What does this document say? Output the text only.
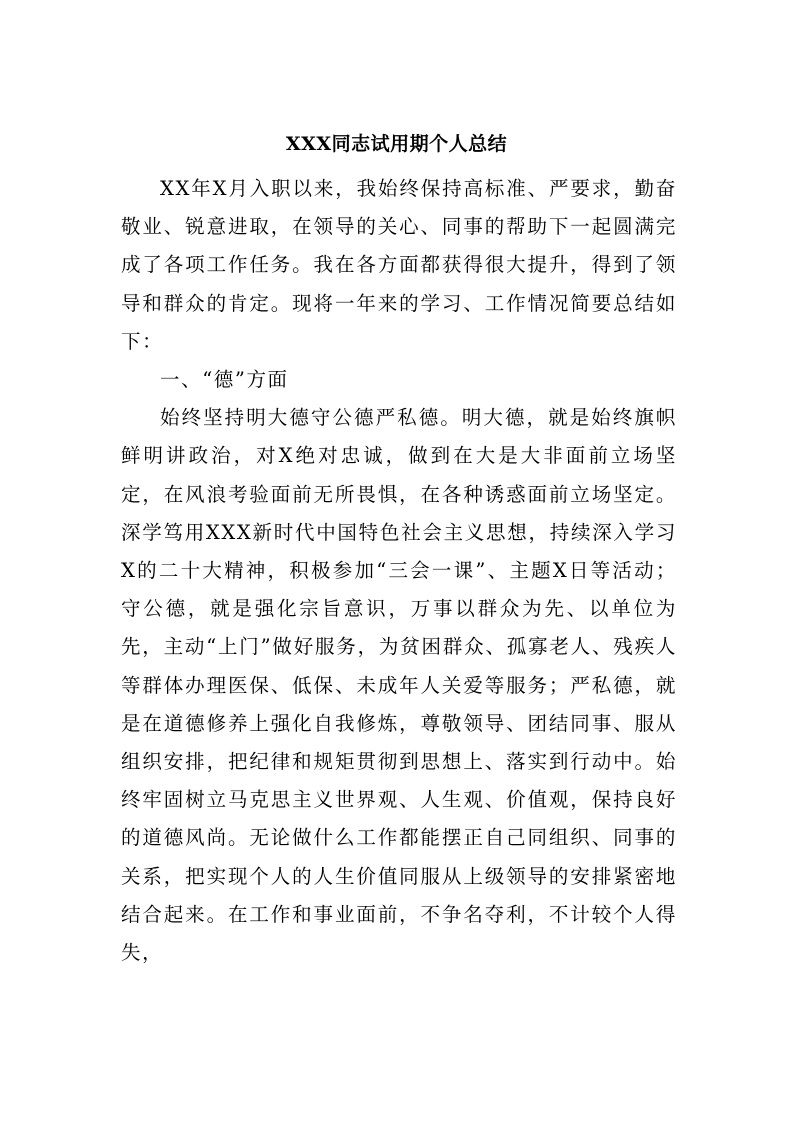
XXX同志试用期个人总结

XX年X月入职以来，我始终保持高标准、严要求，勤奋敬业、锐意进取，在领导的关心、同事的帮助下一起圆满完成了各项工作任务。我在各方面都获得很大提升，得到了领导和群众的肯定。现将一年来的学习、工作情况简要总结如下：

一、“德”方面

始终坚持明大德守公德严私德。明大德，就是始终旗帜鲜明讲政治，对X绝对忠诚，做到在大是大非面前立场坚定，在风浪考验面前无所畏惧，在各种诱惑面前立场坚定。深学笃用XXX新时代中国特色社会主义思想，持续深入学习X的二十大精神，积极参加“三会一课”、主题X日等活动；守公德，就是强化宗旨意识，万事以群众为先、以单位为先，主动“上门”做好服务，为贫困群众、孤寡老人、残疾人等群体办理医保、低保、未成年人关爱等服务；严私德，就是在道德修养上强化自我修炼，尊敬领导、团结同事、服从组织安排，把纪律和规矩贯彻到思想上、落实到行动中。始终牢固树立马克思主义世界观、人生观、价值观，保持良好的道德风尚。无论做什么工作都能摆正自己同组织、同事的关系，把实现个人的人生价值同服从上级领导的安排紧密地结合起来。在工作和事业面前，不争名夺利，不计较个人得失，
